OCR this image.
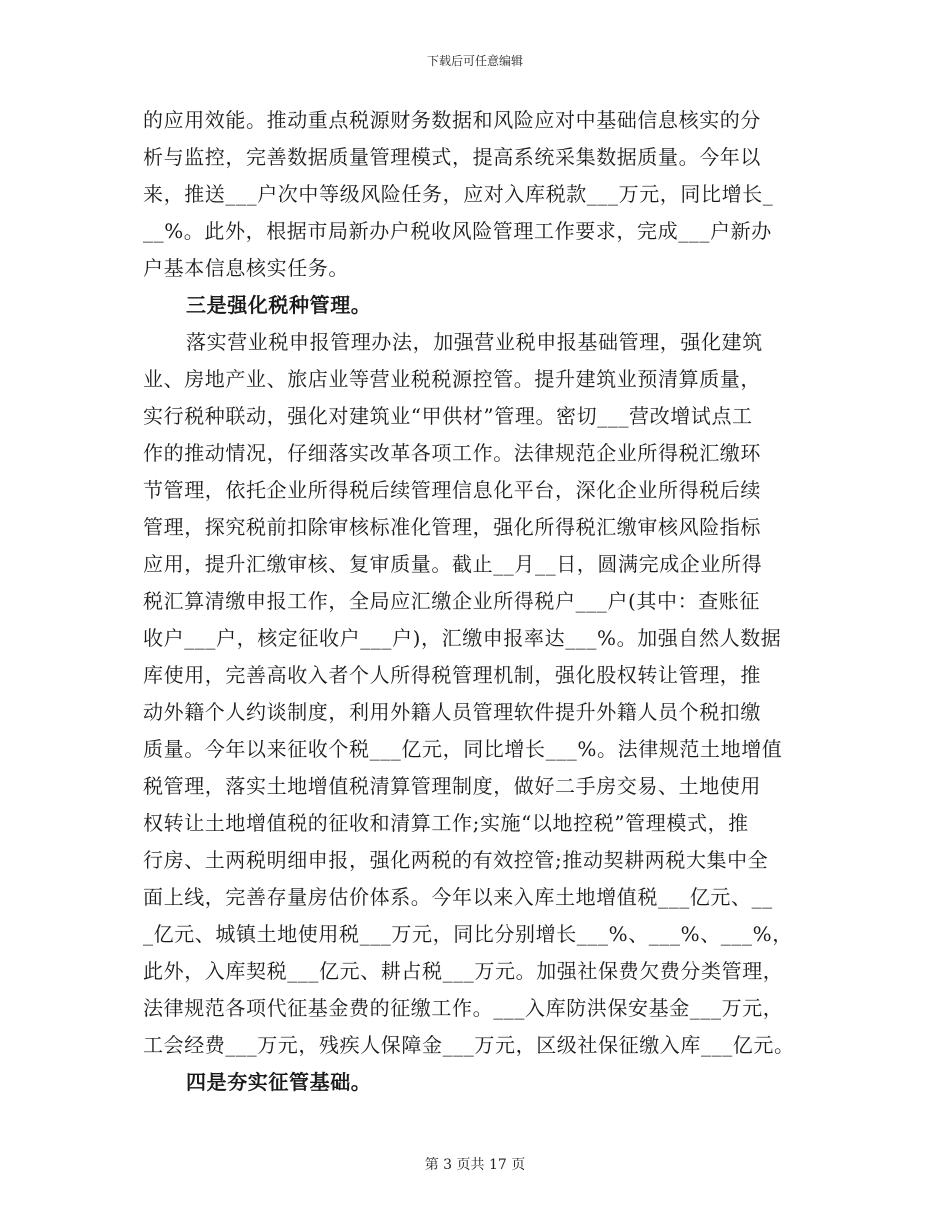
下载后可任意编辑
的应用效能。推动重点税源财务数据和风险应对中基础信息核实的分
析与监控，完善数据质量管理模式，提高系统采集数据质量。今年以
来，推送___户次中等级风险任务，应对入库税款___万元，同比增长_
__%。此外，根据市局新办户税收风险管理工作要求，完成___户新办
户基本信息核实任务。
三是强化税种管理。
落实营业税申报管理办法，加强营业税申报基础管理，强化建筑
业、房地产业、旅店业等营业税税源控管。提升建筑业预清算质量，
实行税种联动，强化对建筑业“甲供材”管理。密切___营改增试点工
作的推动情况，仔细落实改革各项工作。法律规范企业所得税汇缴环
节管理，依托企业所得税后续管理信息化平台，深化企业所得税后续
管理，探究税前扣除审核标准化管理，强化所得税汇缴审核风险指标
应用，提升汇缴审核、复审质量。截止__月__日，圆满完成企业所得
税汇算清缴申报工作，全局应汇缴企业所得税户___户(其中：查账征
收户___户，核定征收户___户)，汇缴申报率达___%。加强自然人数据
库使用，完善高收入者个人所得税管理机制，强化股权转让管理，推
动外籍个人约谈制度，利用外籍人员管理软件提升外籍人员个税扣缴
质量。今年以来征收个税___亿元，同比增长___%。法律规范土地增值
税管理，落实土地增值税清算管理制度，做好二手房交易、土地使用
权转让土地增值税的征收和清算工作;实施“以地控税”管理模式，推
行房、土两税明细申报，强化两税的有效控管;推动契耕两税大集中全
面上线，完善存量房估价体系。今年以来入库土地增值税___亿元、__
_亿元、城镇土地使用税___万元，同比分别增长___%、___%、___%，
此外，入库契税___亿元、耕占税___万元。加强社保费欠费分类管理，
法律规范各项代征基金费的征缴工作。___入库防洪保安基金___万元，
工会经费___万元，残疾人保障金___万元，区级社保征缴入库___亿元。
四是夯实征管基础。
第 3 页共 17 页
